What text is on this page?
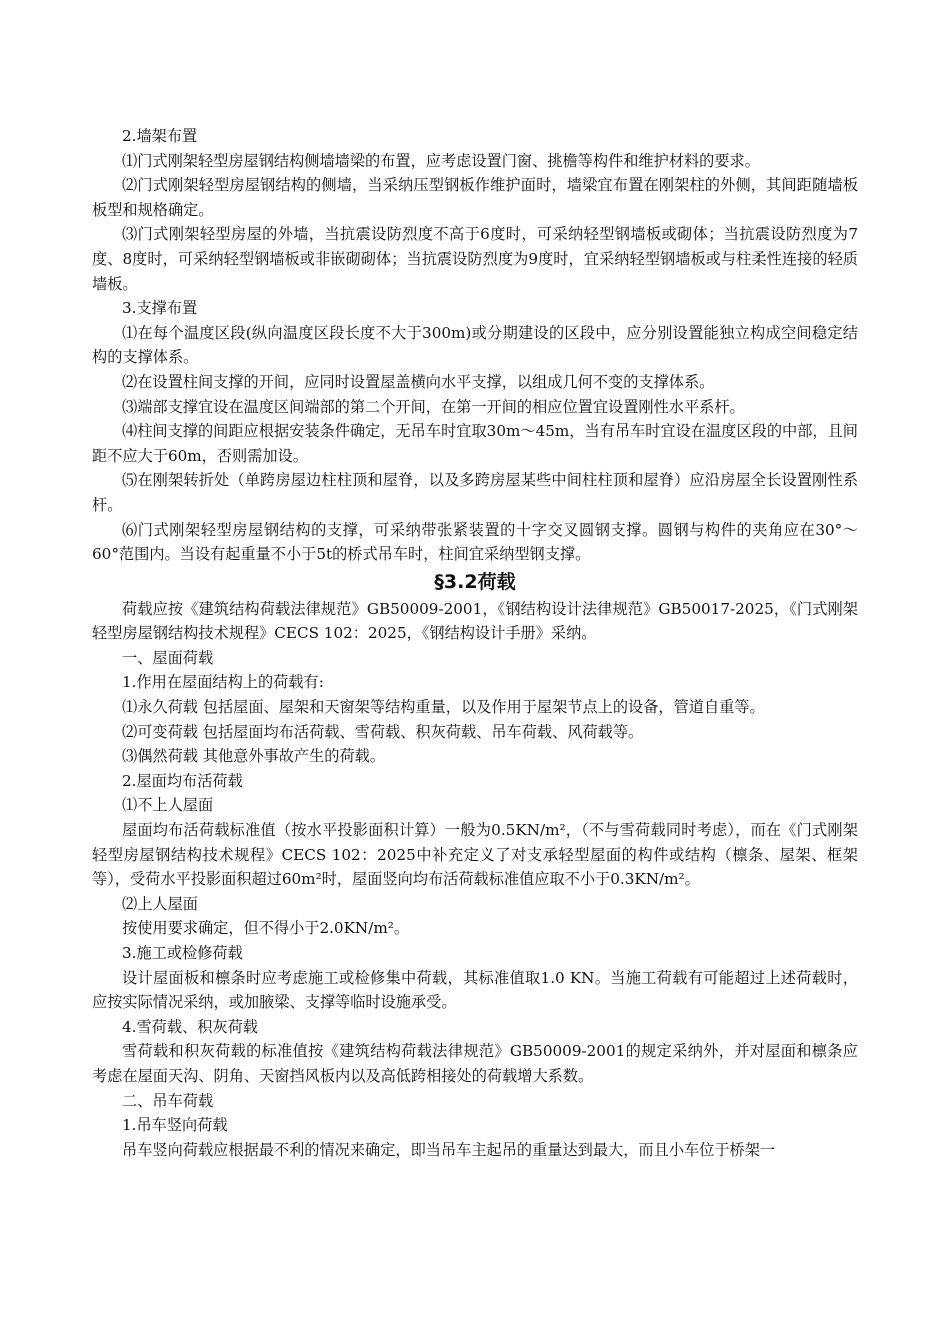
2.墙架布置

⑴门式刚架轻型房屋钢结构侧墙墙梁的布置，应考虑设置门窗、挑檐等构件和维护材料的要求。

⑵门式刚架轻型房屋钢结构的侧墙，当采纳压型钢板作维护面时，墙梁宜布置在刚架柱的外侧，其间距随墙板板型和规格确定。

⑶门式刚架轻型房屋的外墙，当抗震设防烈度不高于6度时，可采纳轻型钢墙板或砌体；当抗震设防烈度为7度、8度时，可采纳轻型钢墙板或非嵌砌砌体；当抗震设防烈度为9度时，宜采纳轻型钢墙板或与柱柔性连接的轻质墙板。

3.支撑布置

⑴在每个温度区段(纵向温度区段长度不大于300m)或分期建设的区段中，应分别设置能独立构成空间稳定结构的支撑体系。

⑵在设置柱间支撑的开间，应同时设置屋盖横向水平支撑，以组成几何不变的支撑体系。

⑶端部支撑宜设在温度区间端部的第二个开间，在第一开间的相应位置宜设置刚性水平系杆。

⑷柱间支撑的间距应根据安装条件确定，无吊车时宜取30m～45m，当有吊车时宜设在温度区段的中部，且间距不应大于60m，否则需加设。

⑸在刚架转折处（单跨房屋边柱柱顶和屋脊，以及多跨房屋某些中间柱柱顶和屋脊）应沿房屋全长设置刚性系杆。

⑹门式刚架轻型房屋钢结构的支撑，可采纳带张紧装置的十字交叉圆钢支撑。圆钢与构件的夹角应在30°～60°范围内。当设有起重量不小于5t的桥式吊车时，柱间宜采纳型钢支撑。

§3.2荷载

荷载应按《建筑结构荷载法律规范》GB50009-2001，《钢结构设计法律规范》GB50017-2025，《门式刚架轻型房屋钢结构技术规程》CECS 102：2025，《钢结构设计手册》采纳。

一、屋面荷载

1.作用在屋面结构上的荷载有:

⑴永久荷载 包括屋面、屋架和天窗架等结构重量，以及作用于屋架节点上的设备，管道自重等。

⑵可变荷载 包括屋面均布活荷载、雪荷载、积灰荷载、吊车荷载、风荷载等。

⑶偶然荷载 其他意外事故产生的荷载。

2.屋面均布活荷载

⑴不上人屋面

屋面均布活荷载标准值（按水平投影面积计算）一般为0.5KN/m²，（不与雪荷载同时考虑），而在《门式刚架轻型房屋钢结构技术规程》CECS 102：2025中补充定义了对支承轻型屋面的构件或结构（檩条、屋架、框架等），受荷水平投影面积超过60m²时，屋面竖向均布活荷载标准值应取不小于0.3KN/m²。

⑵上人屋面

按使用要求确定，但不得小于2.0KN/m²。

3.施工或检修荷载

设计屋面板和檩条时应考虑施工或检修集中荷载，其标准值取1.0 KN。当施工荷载有可能超过上述荷载时，应按实际情况采纳，或加腋梁、支撑等临时设施承受。

4.雪荷载、积灰荷载

雪荷载和积灰荷载的标准值按《建筑结构荷载法律规范》GB50009-2001的规定采纳外，并对屋面和檩条应考虑在屋面天沟、阴角、天窗挡风板内以及高低跨相接处的荷载增大系数。

二、吊车荷载

1.吊车竖向荷载

吊车竖向荷载应根据最不利的情况来确定，即当吊车主起吊的重量达到最大，而且小车位于桥架一
